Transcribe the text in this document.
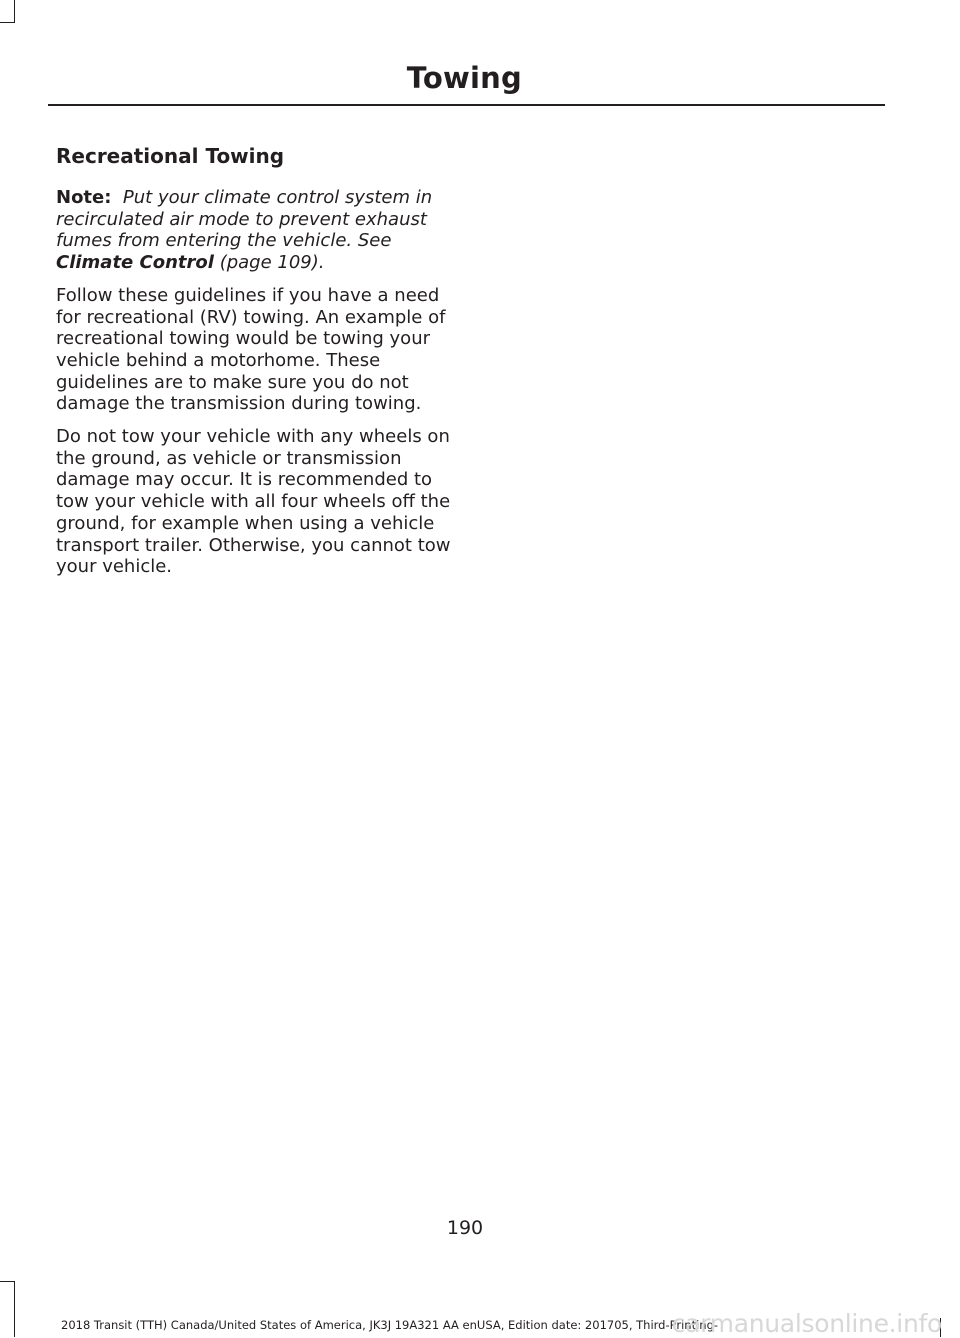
Towing
Recreational Towing

Note: Put your climate control system in recirculated air mode to prevent exhaust fumes from entering the vehicle. See Climate Control (page 109).

Follow these guidelines if you have a need for recreational (RV) towing. An example of recreational towing would be towing your vehicle behind a motorhome. These guidelines are to make sure you do not damage the transmission during towing.

Do not tow your vehicle with any wheels on the ground, as vehicle or transmission damage may occur. It is recommended to tow your vehicle with all four wheels off the ground, for example when using a vehicle transport trailer. Otherwise, you cannot tow your vehicle.

190

2018 Transit (TTH) Canada/United States of America, JK3J 19A321 AA enUSA, Edition date: 201705, Third-Printing-

carmanualsonline.info
